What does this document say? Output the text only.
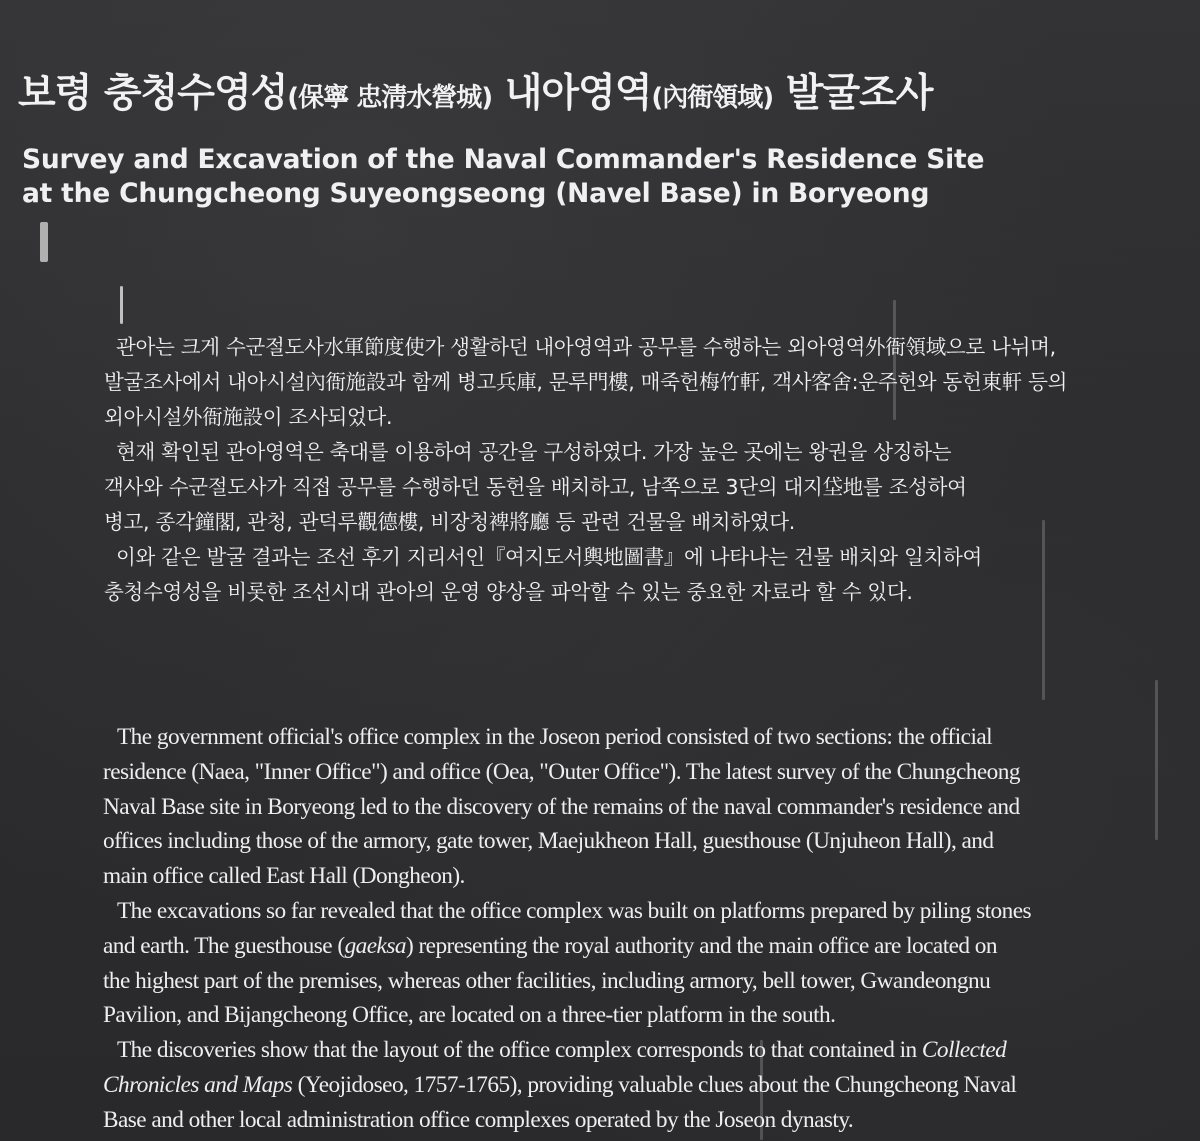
보령 충청수영성(保寧 忠淸水營城) 내아영역(內衙領域) 발굴조사
Survey and Excavation of the Naval Commander's Residence Site
at the Chungcheong Suyeongseong (Navel Base) in Boryeong
관아는 크게 수군절도사水軍節度使가 생활하던 내아영역과 공무를 수행하는 외아영역外衙領域으로 나뉘며,
발굴조사에서 내아시설內衙施設과 함께 병고兵庫, 문루門樓, 매죽헌梅竹軒, 객사客舍:운주헌와 동헌東軒 등의
외아시설外衙施設이 조사되었다.
현재 확인된 관아영역은 축대를 이용하여 공간을 구성하였다. 가장 높은 곳에는 왕권을 상징하는
객사와 수군절도사가 직접 공무를 수행하던 동헌을 배치하고, 남쪽으로 3단의 대지垈地를 조성하여
병고, 종각鐘閣, 관청, 관덕루觀德樓, 비장청裨將廳 등 관련 건물을 배치하였다.
이와 같은 발굴 결과는 조선 후기 지리서인『여지도서輿地圖書』에 나타나는 건물 배치와 일치하여
충청수영성을 비롯한 조선시대 관아의 운영 양상을 파악할 수 있는 중요한 자료라 할 수 있다.
The government official's office complex in the Joseon period consisted of two sections: the official
residence (Naea, "Inner Office") and office (Oea, "Outer Office"). The latest survey of the Chungcheong
Naval Base site in Boryeong led to the discovery of the remains of the naval commander's residence and
offices including those of the armory, gate tower, Maejukheon Hall, guesthouse (Unjuheon Hall), and
main office called East Hall (Dongheon).
The excavations so far revealed that the office complex was built on platforms prepared by piling stones
and earth. The guesthouse (gaeksa) representing the royal authority and the main office are located on
the highest part of the premises, whereas other facilities, including armory, bell tower, Gwandeongnu
Pavilion, and Bijangcheong Office, are located on a three-tier platform in the south.
The discoveries show that the layout of the office complex corresponds to that contained in Collected
Chronicles and Maps (Yeojidoseo, 1757-1765), providing valuable clues about the Chungcheong Naval
Base and other local administration office complexes operated by the Joseon dynasty.
